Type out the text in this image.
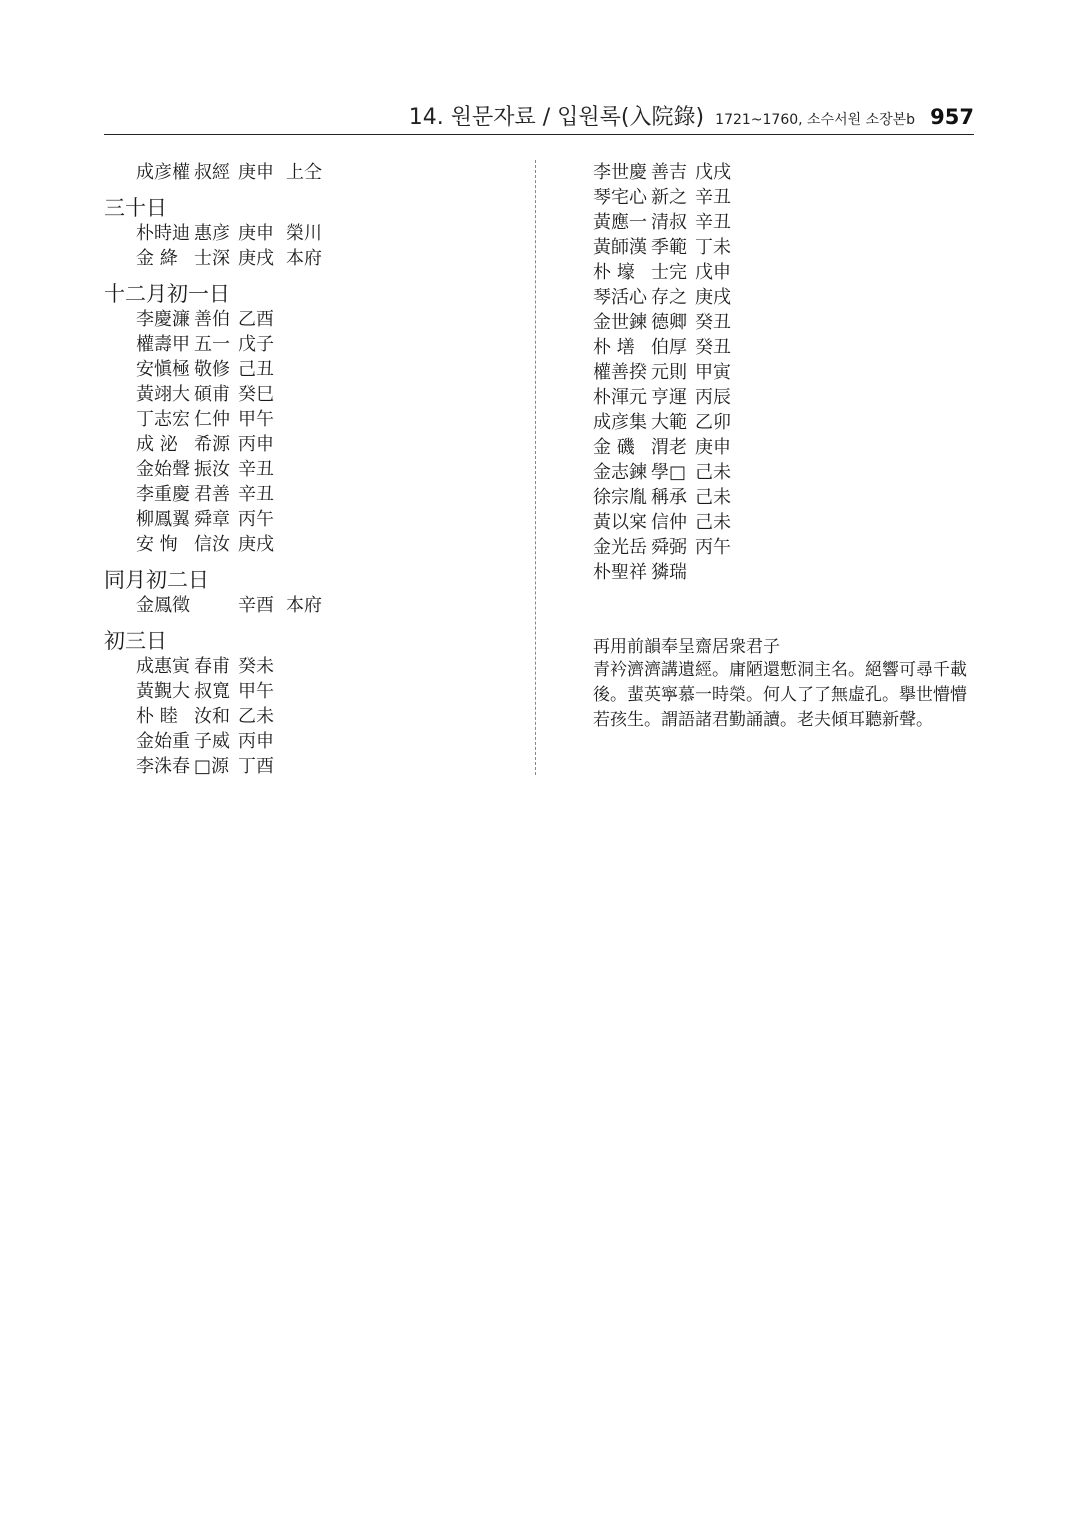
14. 원문자료 / 입원록(入院錄) 1721~1760, 소수서원 소장본b 957
成彦權 叔經 庚申 上仝
三十日
朴時迪 惠彦 庚申 榮川
金 絳 士深 庚戌 本府
十二月初一日
李慶濂 善伯 乙酉
權壽甲 五一 戊子
安愼極 敬修 己丑
黃翊大 碩甫 癸巳
丁志宏 仁仲 甲午
成 泌 希源 丙申
金始聲 振汝 辛丑
李重慶 君善 辛丑
柳鳳翼 舜章 丙午
安 恂 信汝 庚戌
同月初二日
金鳳徵	辛酉 本府
初三日
成惠寅 春甫 癸未
黃覲大 叔寬 甲午
朴 睦 汝和 乙未
金始重 子威 丙申
李洙春 □源 丁酉
李世慶 善吉 戊戌
琴宅心 新之 辛丑
黃應一 清叔 辛丑
黃師漢 季範 丁未
朴 壕 士完 戊申
琴活心 存之 庚戌
金世鍊 德卿 癸丑
朴 墡 伯厚 癸丑
權善揆 元則 甲寅
朴渾元 亨運 丙辰
成彦集 大範 乙卯
金 磯 渭老 庚申
金志鍊 學□ 己未
徐宗胤 稱承 己未
黃以宲 信仲 己未
金光岳 舜弼 丙午
朴聖祥 獜瑞
再用前韻奉呈齋居衆君子
青衿濟濟講遺經。庸陋還慙洞主名。絕響可尋千載
後。蜚英寧慕一時榮。何人了了無虛孔。擧世懵懵
若孩生。謂語諸君勤誦讀。老夫傾耳聽新聲。
